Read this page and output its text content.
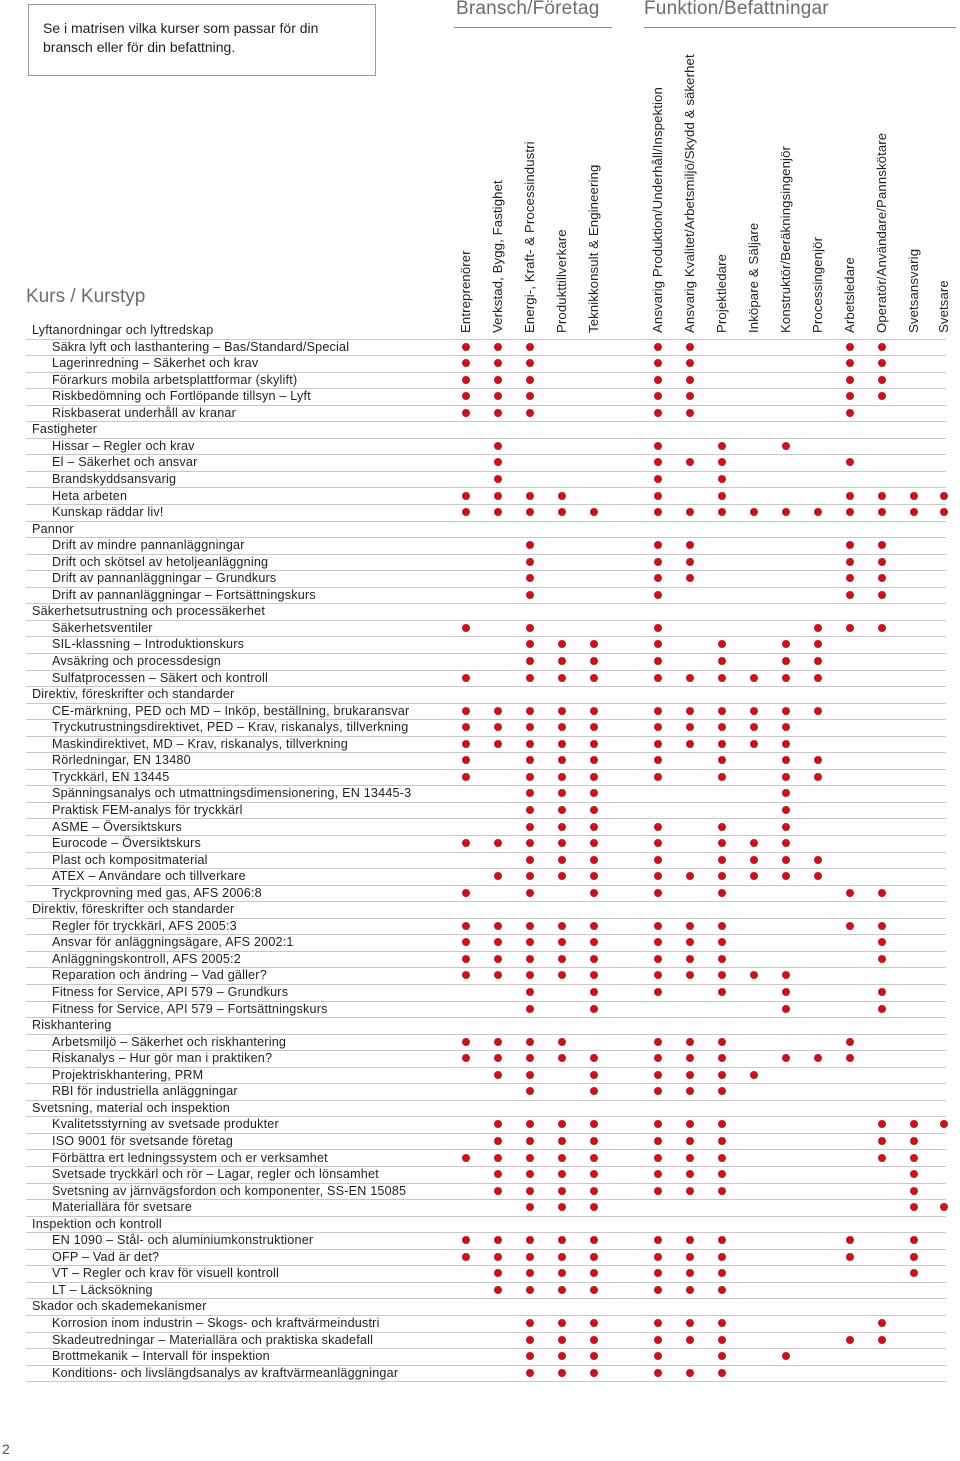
Se i matrisen vilka kurser som passar för din bransch eller för din befattning.
Bransch/Företag Funktion/Befattningar
Kurs / Kurstyp	Entreprenörer Verkstad, Bygg, Fastighet Energi-, Kraft- & Processindustri Produkttillverkare Teknikkonsult & Engineering	Ansvarig Produktion/Underhåll/Inspektion Ansvarig Kvalitet/Arbetsmiljö/Skydd & säkerhet Projektledare Inköpare & Säljare Konstruktör/Beräkningsingenjör Processingenjör Arbetsledare Operatör/Användare/Pannskötare Svetsansvarig Svetsare
Lyftanordningar och lyftredskap
Säkra lyft och lasthantering – Bas/Standard/Special
Lagerinredning – Säkerhet och krav
Förarkurs mobila arbetsplattformar (skylift)
Riskbedömning och Fortlöpande tillsyn – Lyft
Riskbaserat underhåll av kranar
Fastigheter
Hissar – Regler och krav
El – Säkerhet och ansvar
Brandskyddsansvarig
Heta arbeten
Kunskap räddar liv!
Pannor
Drift av mindre pannanläggningar
Drift och skötsel av hetoljeanläggning
Drift av pannanläggningar – Grundkurs
Drift av pannanläggningar – Fortsättningskurs
Säkerhetsutrustning och processäkerhet
Säkerhetsventiler
SIL-klassning – Introduktionskurs
Avsäkring och processdesign
Sulfatprocessen – Säkert och kontroll
Direktiv, föreskrifter och standarder
CE-märkning, PED och MD – Inköp, beställning, brukaransvar
Tryckutrustningsdirektivet, PED – Krav, riskanalys, tillverkning
Maskindirektivet, MD – Krav, riskanalys, tillverkning
Rörledningar, EN 13480
Tryckkärl, EN 13445
Spänningsanalys och utmattningsdimensionering, EN 13445-3
Praktisk FEM-analys för tryckkärl
ASME – Översiktskurs
Eurocode – Översiktskurs
Plast och kompositmaterial
ATEX – Användare och tillverkare
Tryckprovning med gas, AFS 2006:8
Direktiv, föreskrifter och standarder
Regler för tryckkärl, AFS 2005:3
Ansvar för anläggningsägare, AFS 2002:1
Anläggningskontroll, AFS 2005:2
Reparation och ändring – Vad gäller?
Fitness for Service, API 579 – Grundkurs
Fitness for Service, API 579 – Fortsättningskurs
Riskhantering
Arbetsmiljö – Säkerhet och riskhantering
Riskanalys – Hur gör man i praktiken?
Projektriskhantering, PRM
RBI för industriella anläggningar
Svetsning, material och inspektion
Kvalitetsstyrning av svetsade produkter
ISO 9001 för svetsande företag
Förbättra ert ledningssystem och er verksamhet
Svetsade tryckkärl och rör – Lagar, regler och lönsamhet
Svetsning av järnvägsfordon och komponenter, SS-EN 15085
Materiallära för svetsare
Inspektion och kontroll
EN 1090 – Stål- och aluminiumkonstruktioner
OFP – Vad är det?
VT – Regler och krav för visuell kontroll
LT – Läcksökning
Skador och skademekanismer
Korrosion inom industrin – Skogs- och kraftvärmeindustri
Skadeutredningar – Materiallära och praktiska skadefall
Brottmekanik – Intervall för inspektion
Konditions- och livslängdsanalys av kraftvärmeanläggningar
2
